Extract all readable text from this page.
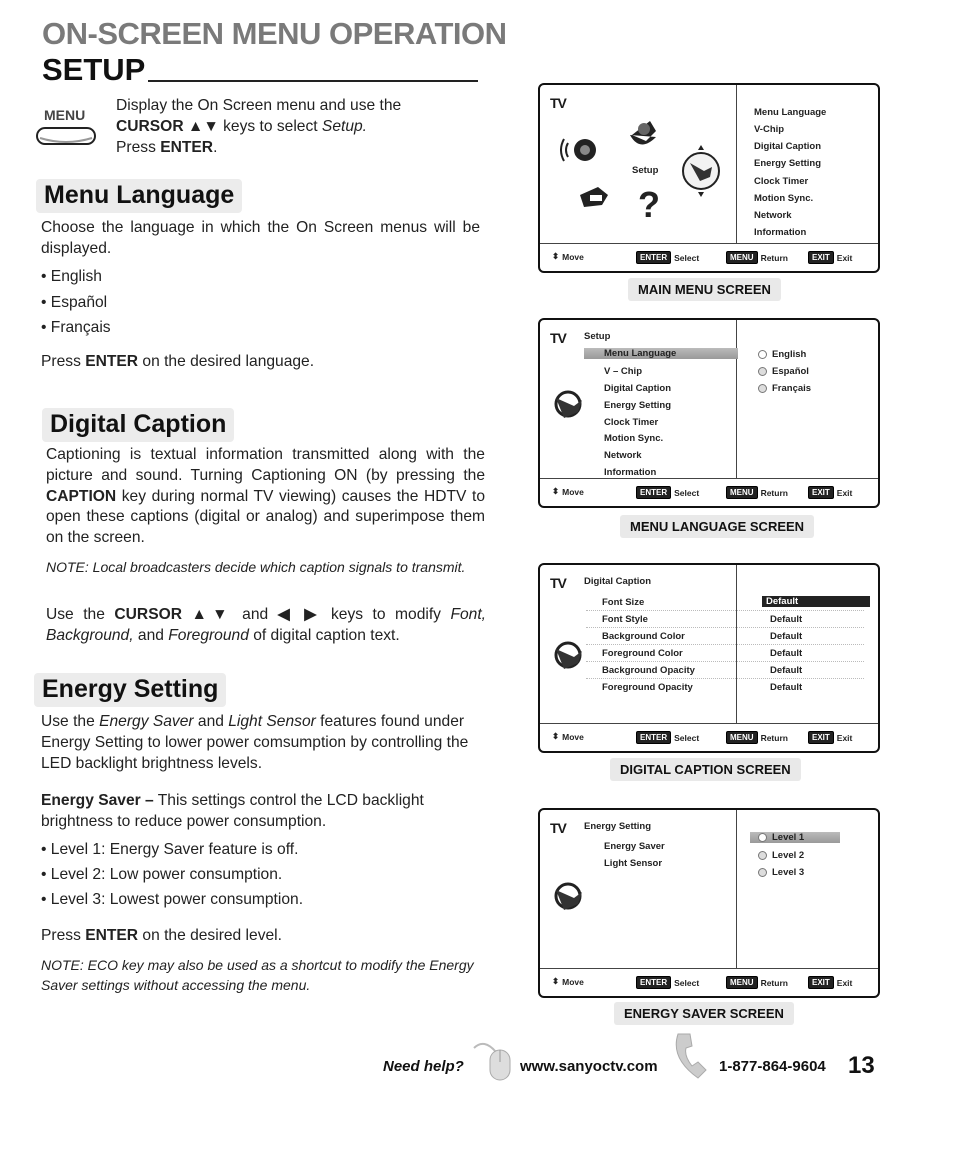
ON-SCREEN MENU OPERATION
SETUP
MENU
Display the On Screen menu and use the
CURSOR ▲▼ keys to select Setup.
Press ENTER.
Menu Language
Choose the language in which the On Screen menus will be displayed.
• English
• Español
• Français
Press ENTER on the desired language.
Digital Caption
Captioning is textual information transmitted along with the picture and sound. Turning Captioning ON (by pressing the CAPTION key during normal TV viewing) causes the HDTV to open these captions (digital or analog) and superimpose them on the screen.
NOTE: Local broadcasters decide which caption signals to transmit.
Use the CURSOR ▲▼ and ◀ ▶ keys to modify Font, Background, and Foreground of digital caption text.
Energy Setting
Use the Energy Saver and Light Sensor features found under Energy Setting to lower power comsumption by controlling the LED backlight brightness levels.
Energy Saver – This settings control the LCD backlight brightness to reduce power consumption.
• Level 1: Energy Saver feature is off.
• Level 2: Low power consumption.
• Level 3: Lowest power consumption.
Press ENTER on the desired level.
NOTE: ECO key may also be used as a shortcut to modify the Energy Saver settings without accessing the menu.
TV
?
Setup
Menu Language
V-Chip
Digital Caption
Energy Setting
Clock Timer
Motion Sync.
Network
Information
⬍ Move	ENTER Select	MENU Return	EXIT Exit
MAIN MENU SCREEN
TV Setup
Menu Language
V – Chip
Digital Caption
Energy Setting
Clock Timer
Motion Sync.
Network
Information
English
Español
Français
⬍ Move	ENTER Select	MENU Return	EXIT Exit
MENU LANGUAGE SCREEN
TV Digital Caption
Font Size	Default
Font Style	Default
Background Color	Default
Foreground Color	Default
Background Opacity	Default
Foreground Opacity	Default
⬍ Move	ENTER Select	MENU Return	EXIT Exit
DIGITAL CAPTION SCREEN
TV Energy Setting
Energy Saver
Light Sensor
Level 1
Level 2
Level 3
⬍ Move	ENTER Select	MENU Return	EXIT Exit
ENERGY SAVER SCREEN
Need help?	www.sanyoctv.com	1-877-864-9604 13
